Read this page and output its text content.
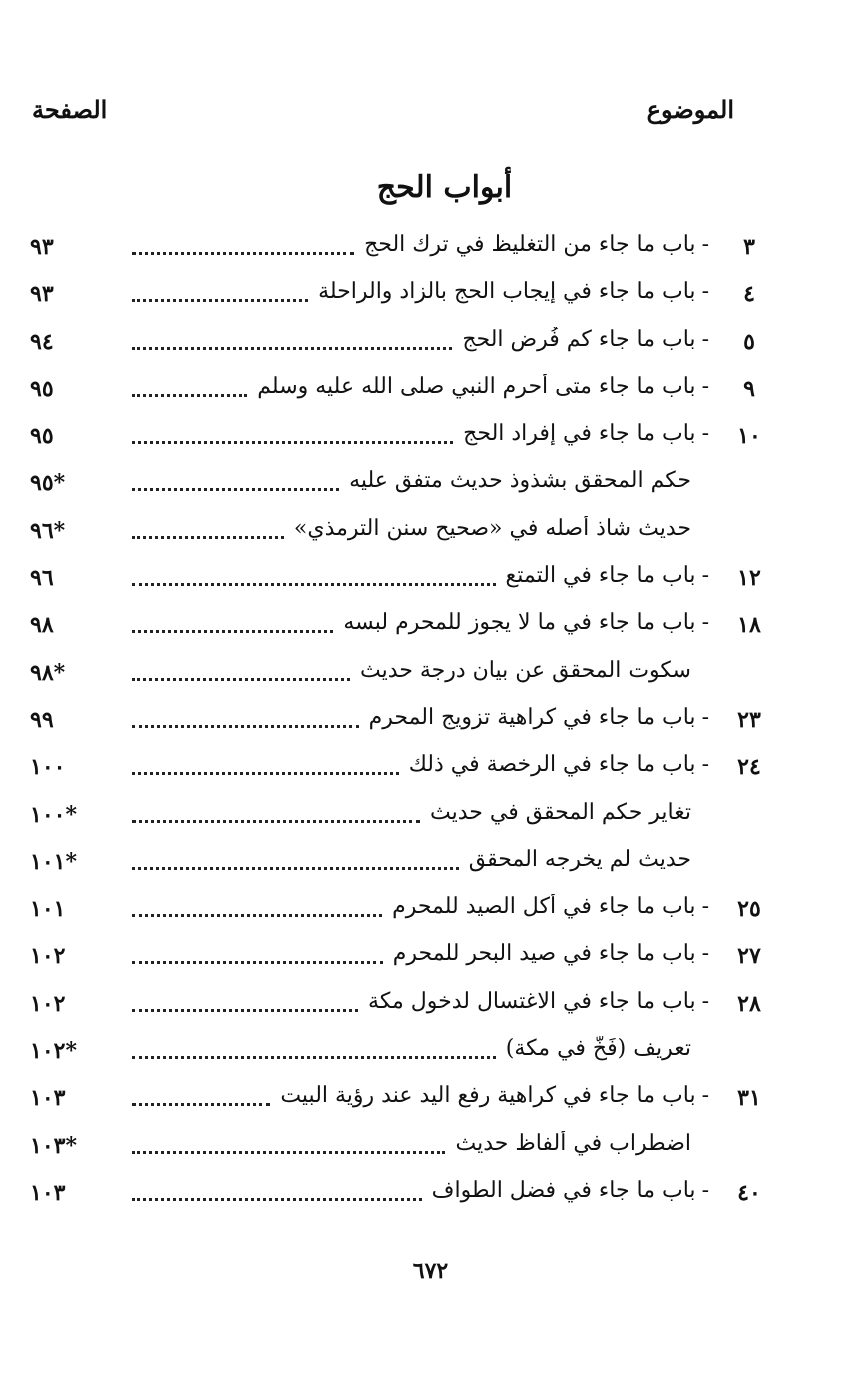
الموضوع
الصفحة
أبواب الحج
٣
-
باب ما جاء من التغليظ في ترك الحج
٩٣
٤
-
باب ما جاء في إيجاب الحج بالزاد والراحلة
٩٣
٥
-
باب ما جاء كم فُرض الحج
٩٤
٩
-
باب ما جاء متى أحرم النبي صلى الله عليه وسلم
٩٥
١٠
-
باب ما جاء في إفراد الحج
٩٥
حكم المحقق بشذوذ حديث متفق عليه
٩٥*
حديث شاذ أصله في «صحيح سنن الترمذي»
٩٦*
١٢
-
باب ما جاء في التمتع
٩٦
١٨
-
باب ما جاء في ما لا يجوز للمحرم لبسه
٩٨
سكوت المحقق عن بيان درجة حديث
٩٨*
٢٣
-
باب ما جاء في كراهية تزويج المحرم
٩٩
٢٤
-
باب ما جاء في الرخصة في ذلك
١٠٠
تغاير حكم المحقق في حديث
١٠٠*
حديث لم يخرجه المحقق
١٠١*
٢٥
-
باب ما جاء في أكل الصيد للمحرم
١٠١
٢٧
-
باب ما جاء في صيد البحر للمحرم
١٠٢
٢٨
-
باب ما جاء في الاغتسال لدخول مكة
١٠٢
تعريف (فَخّ في مكة)
١٠٢*
٣١
-
باب ما جاء في كراهية رفع اليد عند رؤية البيت
١٠٣
اضطراب في ألفاظ حديث
١٠٣*
٤٠
-
باب ما جاء في فضل الطواف
١٠٣
٦٧٢
